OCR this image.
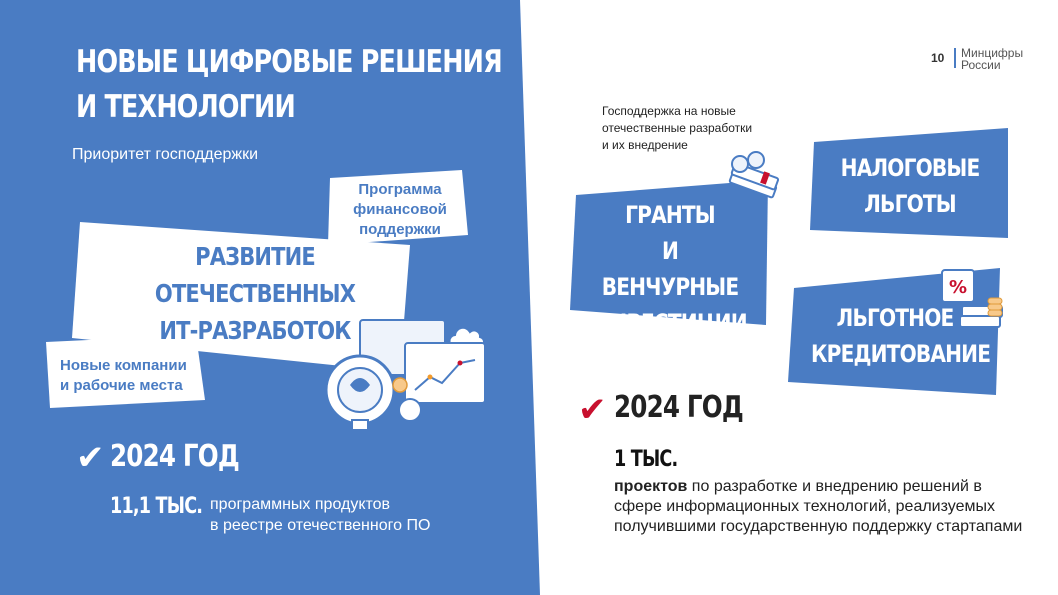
НОВЫЕ ЦИФРОВЫЕ РЕШЕНИЯ
И ТЕХНОЛОГИИ
Приоритет господдержки
РАЗВИТИЕ
ОТЕЧЕСТВЕННЫХ
ИТ-РАЗРАБОТОК
Программа
финансовой
поддержки
Новые компании
и рабочие места
✔ 2024 ГОД
11,1 ТЫС. программных продуктов
в реестре отечественного ПО
10 Минцифры
России
%
Господдержка на новые
отечественные разработки
и их внедрение
ГРАНТЫ
И ВЕНЧУРНЫЕ
ИНВЕСТИЦИИ
НАЛОГОВЫЕ
ЛЬГОТЫ
ЛЬГОТНОЕ
КРЕДИТОВАНИЕ
✔ 2024 ГОД
1 ТЫС.
проектов по разработке и внедрению решений в сфере информационных технологий, реализуемых получившими государственную поддержку стартапами
